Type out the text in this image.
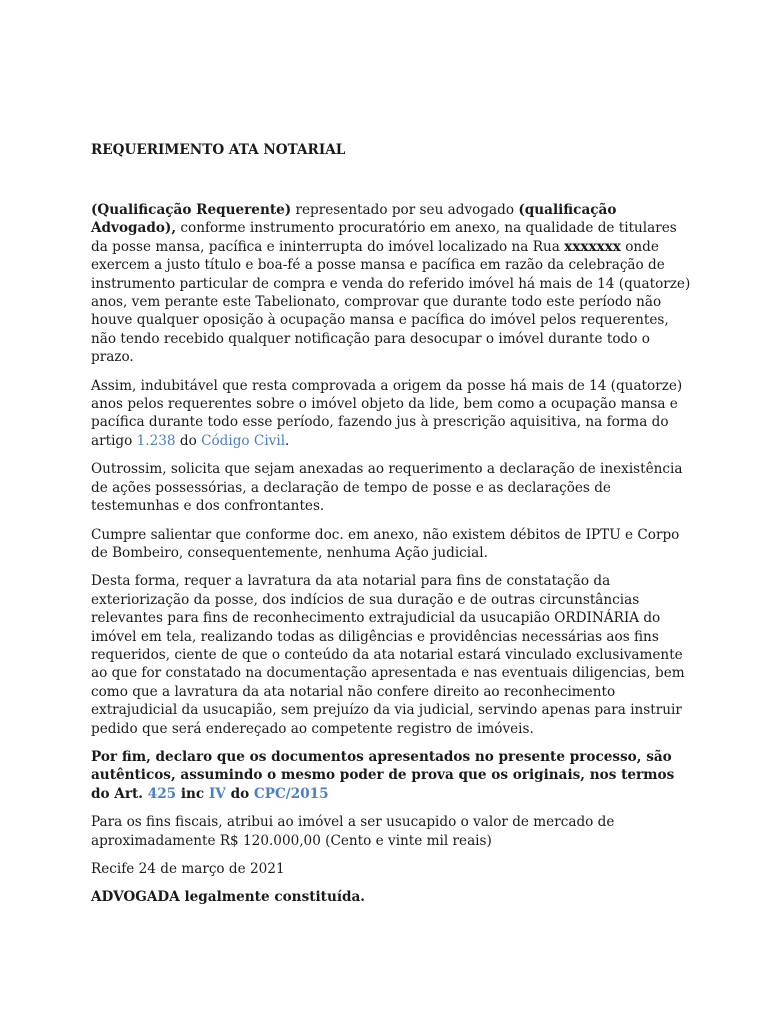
REQUERIMENTO ATA NOTARIAL

(Qualificação Requerente) representado por seu advogado (qualificação Advogado), conforme instrumento procuratório em anexo, na qualidade de titulares da posse mansa, pacífica e ininterrupta do imóvel localizado na Rua xxxxxxx onde exercem a justo título e boa-fé a posse mansa e pacífica em razão da celebração de instrumento particular de compra e venda do referido imóvel há mais de 14 (quatorze) anos, vem perante este Tabelionato, comprovar que durante todo este período não houve qualquer oposição à ocupação mansa e pacífica do imóvel pelos requerentes, não tendo recebido qualquer notificação para desocupar o imóvel durante todo o prazo.

Assim, indubitável que resta comprovada a origem da posse há mais de 14 (quatorze) anos pelos requerentes sobre o imóvel objeto da lide, bem como a ocupação mansa e pacífica durante todo esse período, fazendo jus à prescrição aquisitiva, na forma do artigo 1.238 do Código Civil.

Outrossim, solicita que sejam anexadas ao requerimento a declaração de inexistência de ações possessórias, a declaração de tempo de posse e as declarações de testemunhas e dos confrontantes.

Cumpre salientar que conforme doc. em anexo, não existem débitos de IPTU e Corpo de Bombeiro, consequentemente, nenhuma Ação judicial.

Desta forma, requer a lavratura da ata notarial para fins de constatação da exteriorização da posse, dos indícios de sua duração e de outras circunstâncias relevantes para fins de reconhecimento extrajudicial da usucapião ORDINÁRIA do imóvel em tela, realizando todas as diligências e providências necessárias aos fins requeridos, ciente de que o conteúdo da ata notarial estará vinculado exclusivamente ao que for constatado na documentação apresentada e nas eventuais diligencias, bem como que a lavratura da ata notarial não confere direito ao reconhecimento extrajudicial da usucapião, sem prejuízo da via judicial, servindo apenas para instruir pedido que será endereçado ao competente registro de imóveis.

Por fim, declaro que os documentos apresentados no presente processo, são autênticos, assumindo o mesmo poder de prova que os originais, nos termos do Art. 425 inc IV do CPC/2015

Para os fins fiscais, atribui ao imóvel a ser usucapido o valor de mercado de aproximadamente R$ 120.000,00 (Cento e vinte mil reais)

Recife 24 de março de 2021

ADVOGADA legalmente constituída.
